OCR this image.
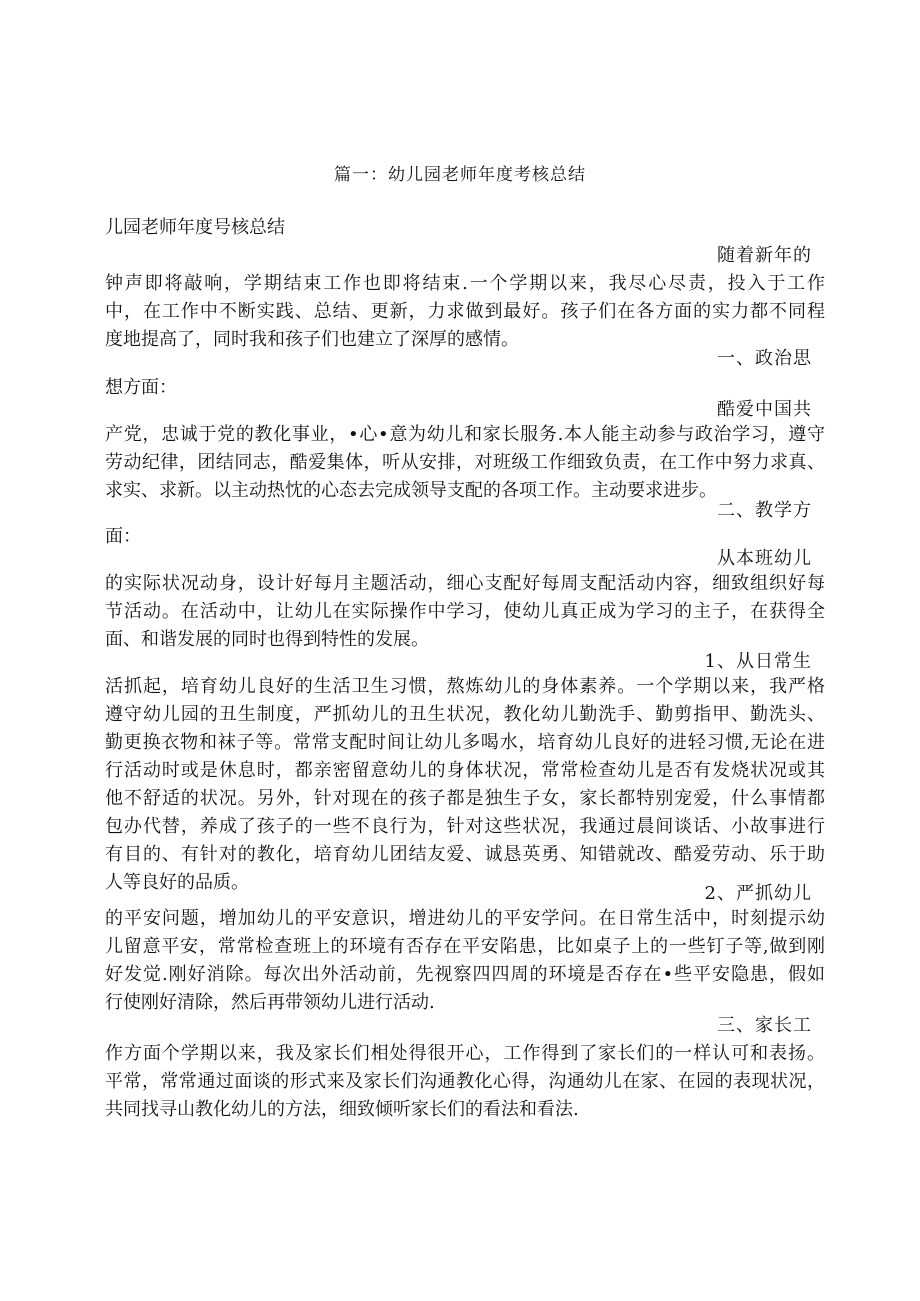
篇一：幼儿园老师年度考核总结
儿园老师年度号核总结
随着新年的
钟声即将敲响，学期结束工作也即将结束.一个学期以来，我尽心尽责，投入于工作
中，在工作中不断实践、总结、更新，力求做到最好。孩子们在各方面的实力都不同程
度地提高了，同时我和孩子们也建立了深厚的感情。
一、政治思
想方面：
酷爱中国共
产党，忠诚于党的教化事业，•心•意为幼儿和家长服务.本人能主动参与政治学习，遵守
劳动纪律，团结同志，酷爱集体，听从安排，对班级工作细致负责，在工作中努力求真、
求实、求新。以主动热忱的心态去完成领导支配的各项工作。主动要求进步。
二、教学方
面：
从本班幼儿
的实际状况动身，设计好每月主题活动，细心支配好每周支配活动内容，细致组织好每
节活动。在活动中，让幼儿在实际操作中学习，使幼儿真正成为学习的主子，在获得全
面、和谐发展的同时也得到特性的发展。
1、从日常生
活抓起，培育幼儿良好的生活卫生习惯，熬炼幼儿的身体素养。一个学期以来，我严格
遵守幼儿园的丑生制度，严抓幼儿的丑生状况，教化幼儿勤洗手、勤剪指甲、勤洗头、
勤更换衣物和袜子等。常常支配时间让幼儿多喝水，培育幼儿良好的进轻习惯,无论在进
行活动时或是休息时，都亲密留意幼儿的身体状况，常常检查幼儿是否有发烧状况或其
他不舒适的状况。另外，针对现在的孩子都是独生子女，家长都特别宠爱，什么事情都
包办代替，养成了孩子的一些不良行为，针对这些状况，我通过晨间谈话、小故事进行
有目的、有针对的教化，培育幼儿团结友爱、诚恳英勇、知错就改、酷爱劳动、乐于助
人等良好的品质。
2、严抓幼儿
的平安问题，增加幼儿的平安意识，增进幼儿的平安学问。在日常生活中，时刻提示幼
儿留意平安，常常检查班上的环境有否存在平安陷患，比如桌子上的一些钉子等,做到刚
好发觉.刚好消除。每次出外活动前，先视察四四周的环境是否存在•些平安隐患，假如
行使刚好清除，然后再带领幼儿进行活动.
三、家长工
作方面个学期以来，我及家长们相处得很开心，工作得到了家长们的一样认可和表扬。
平常，常常通过面谈的形式来及家长们沟通教化心得，沟通幼儿在家、在园的表现状况，
共同找寻山教化幼儿的方法，细致倾听家长们的看法和看法.
